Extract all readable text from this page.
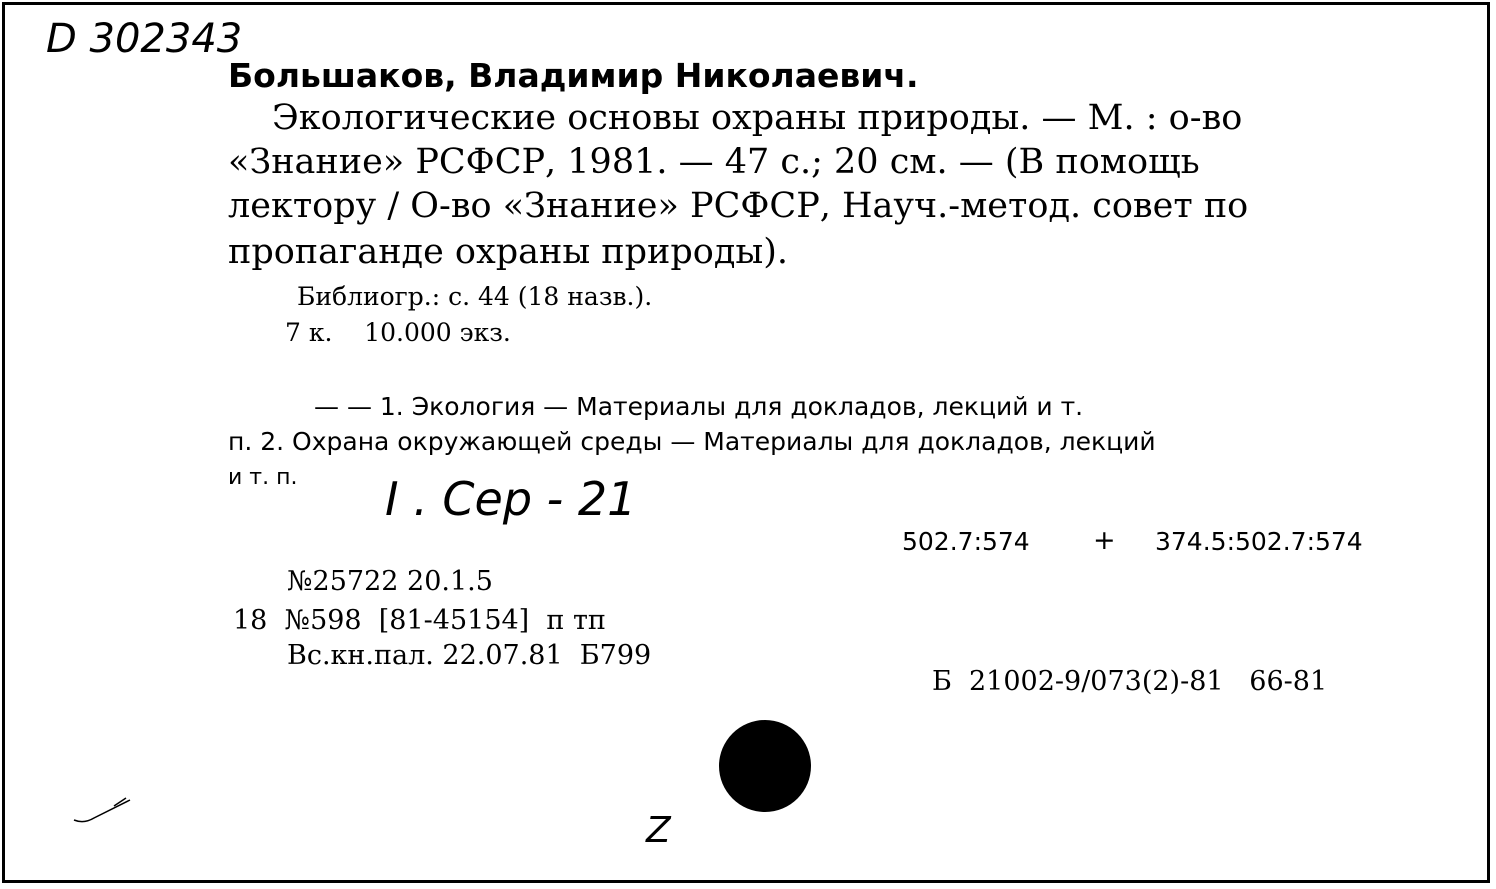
D 302343
Большаков, Владимир Николаевич.
Экологические основы охраны природы. — М. : о-во
«Знание» РСФСР, 1981. — 47 с.; 20 см. — (В помощь
лектору / О-во «Знание» РСФСР, Науч.-метод. совет по
пропаганде охраны природы).
Библиогр.: с. 44 (18 назв.).
7 к.    10.000 экз.
— — 1. Экология — Материалы для докладов, лекций и т.
п. 2. Охрана окружающей среды — Материалы для докладов, лекций
и т. п. I . Сер - 21
502.7:574 + 374.5:502.7:574
№25722 20.1.5
18  №598  [81-45154]  п тп
Вс.кн.пал. 22.07.81  Б799
Б  21002-9/073(2)-81   66-81
Z
